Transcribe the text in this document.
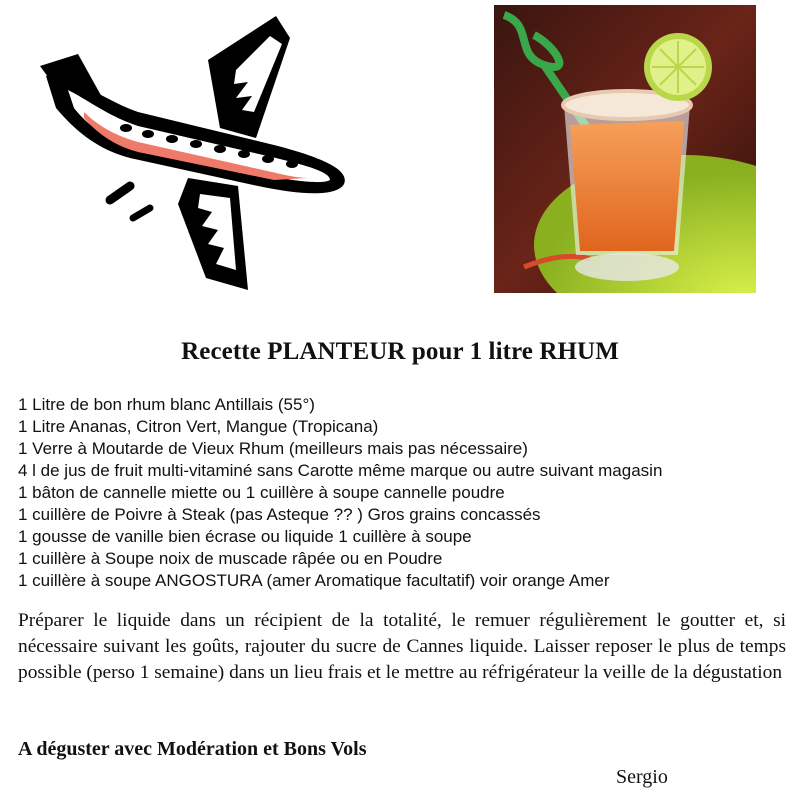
Recette PLANTEUR pour 1 litre RHUM
1 Litre de bon rhum blanc Antillais (55°)
1 Litre Ananas, Citron Vert, Mangue (Tropicana)
1 Verre à Moutarde de Vieux Rhum (meilleurs mais pas nécessaire)
4 l de jus de fruit multi-vitaminé sans Carotte même marque ou autre suivant magasin
1 bâton de cannelle miette ou 1 cuillère à soupe cannelle poudre
1 cuillère de Poivre à Steak (pas Asteque ?? ) Gros grains concassés
1 gousse de vanille bien écrase ou liquide 1 cuillère à soupe
1 cuillère à Soupe noix de muscade râpée ou en Poudre
1 cuillère à soupe ANGOSTURA (amer Aromatique facultatif) voir orange Amer

Préparer le liquide dans un récipient de la totalité, le remuer régulièrement le goutter et, si nécessaire suivant les goûts, rajouter du sucre de Cannes liquide. Laisser reposer le plus de temps possible (perso 1 semaine) dans un lieu frais et le mettre au réfrigérateur la veille de la dégustation

A déguster avec Modération et Bons Vols
Sergio
